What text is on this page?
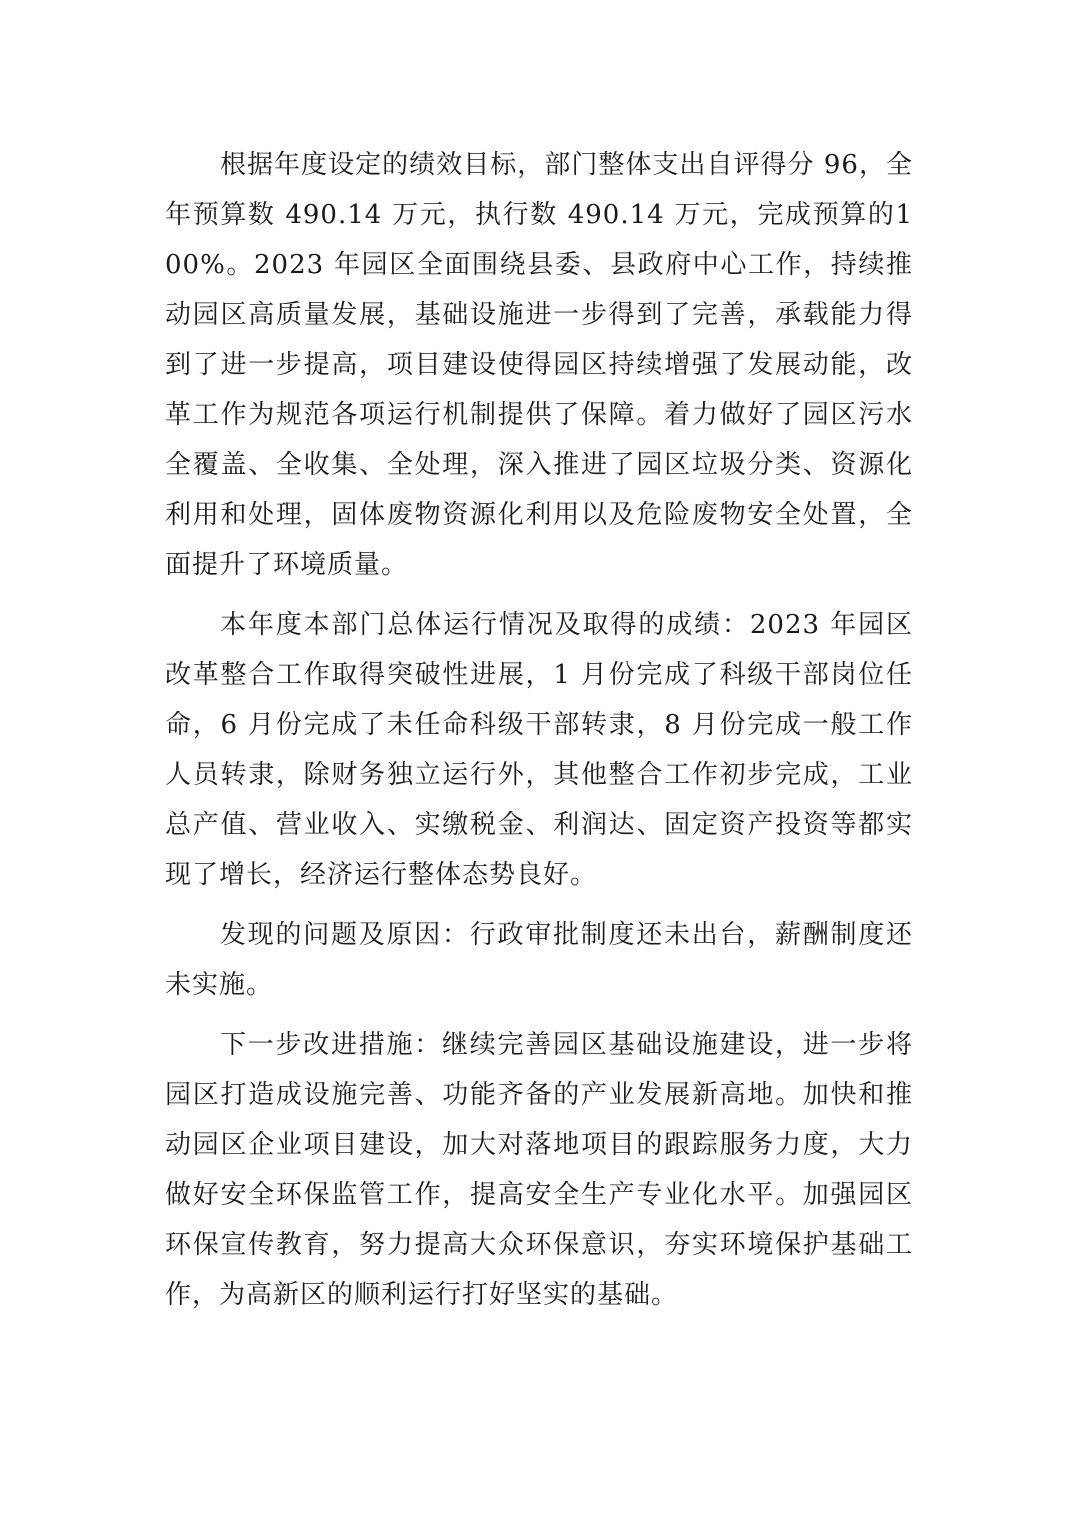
根据年度设定的绩效目标，部门整体支出自评得分 96，全年预算数 490.14 万元，执行数 490.14 万元，完成预算的100%。2023 年园区全面围绕县委、县政府中心工作，持续推动园区高质量发展，基础设施进一步得到了完善，承载能力得到了进一步提高，项目建设使得园区持续增强了发展动能，改革工作为规范各项运行机制提供了保障。着力做好了园区污水全覆盖、全收集、全处理，深入推进了园区垃圾分类、资源化利用和处理，固体废物资源化利用以及危险废物安全处置，全面提升了环境质量。

本年度本部门总体运行情况及取得的成绩：2023 年园区改革整合工作取得突破性进展，1 月份完成了科级干部岗位任命，6 月份完成了未任命科级干部转隶，8 月份完成一般工作人员转隶，除财务独立运行外，其他整合工作初步完成，工业总产值、营业收入、实缴税金、利润达、固定资产投资等都实现了增长，经济运行整体态势良好。

发现的问题及原因：行政审批制度还未出台，薪酬制度还未实施。

下一步改进措施：继续完善园区基础设施建设，进一步将园区打造成设施完善、功能齐备的产业发展新高地。加快和推动园区企业项目建设，加大对落地项目的跟踪服务力度，大力做好安全环保监管工作，提高安全生产专业化水平。加强园区环保宣传教育，努力提高大众环保意识，夯实环境保护基础工作，为高新区的顺利运行打好坚实的基础。
